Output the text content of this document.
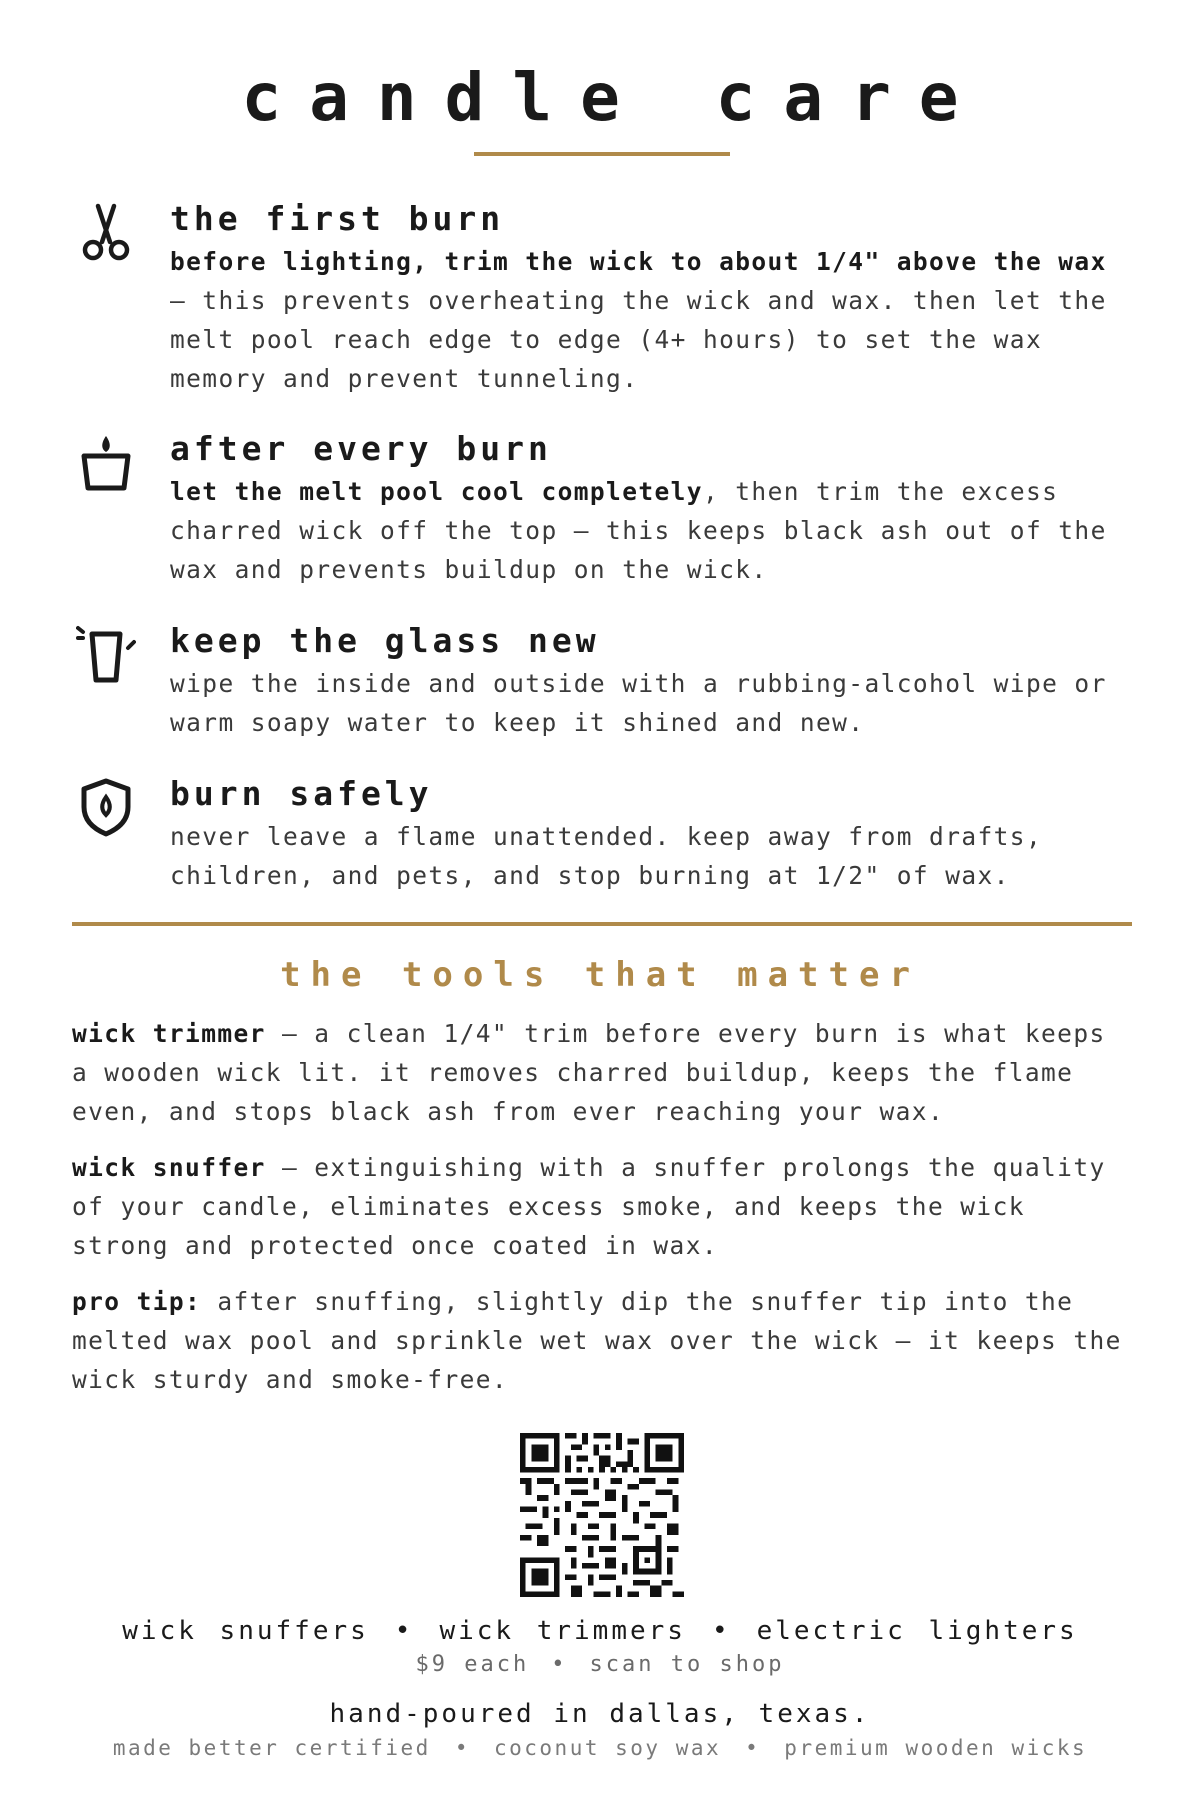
candle care

the first burn

before lighting, trim the wick to about 1/4" above the wax — this prevents overheating the wick and wax. then let the melt pool reach edge to edge (4+ hours) to set the wax memory and prevent tunneling.

after every burn

let the melt pool cool completely, then trim the excess charred wick off the top — this keeps black ash out of the wax and prevents buildup on the wick.

keep the glass new

wipe the inside and outside with a rubbing-alcohol wipe or warm soapy water to keep it shined and new.

burn safely

never leave a flame unattended. keep away from drafts, children, and pets, and stop burning at 1/2" of wax.

the tools that matter

wick trimmer — a clean 1/4" trim before every burn is what keeps a wooden wick lit. it removes charred buildup, keeps the flame even, and stops black ash from ever reaching your wax.

wick snuffer — extinguishing with a snuffer prolongs the quality of your candle, eliminates excess smoke, and keeps the wick strong and protected once coated in wax.

pro tip: after snuffing, slightly dip the snuffer tip into the melted wax pool and sprinkle wet wax over the wick — it keeps the wick sturdy and smoke-free.

wick snuffers • wick trimmers • electric lighters
$9 each • scan to shop
hand-poured in dallas, texas.
made better certified • coconut soy wax • premium wooden wicks
